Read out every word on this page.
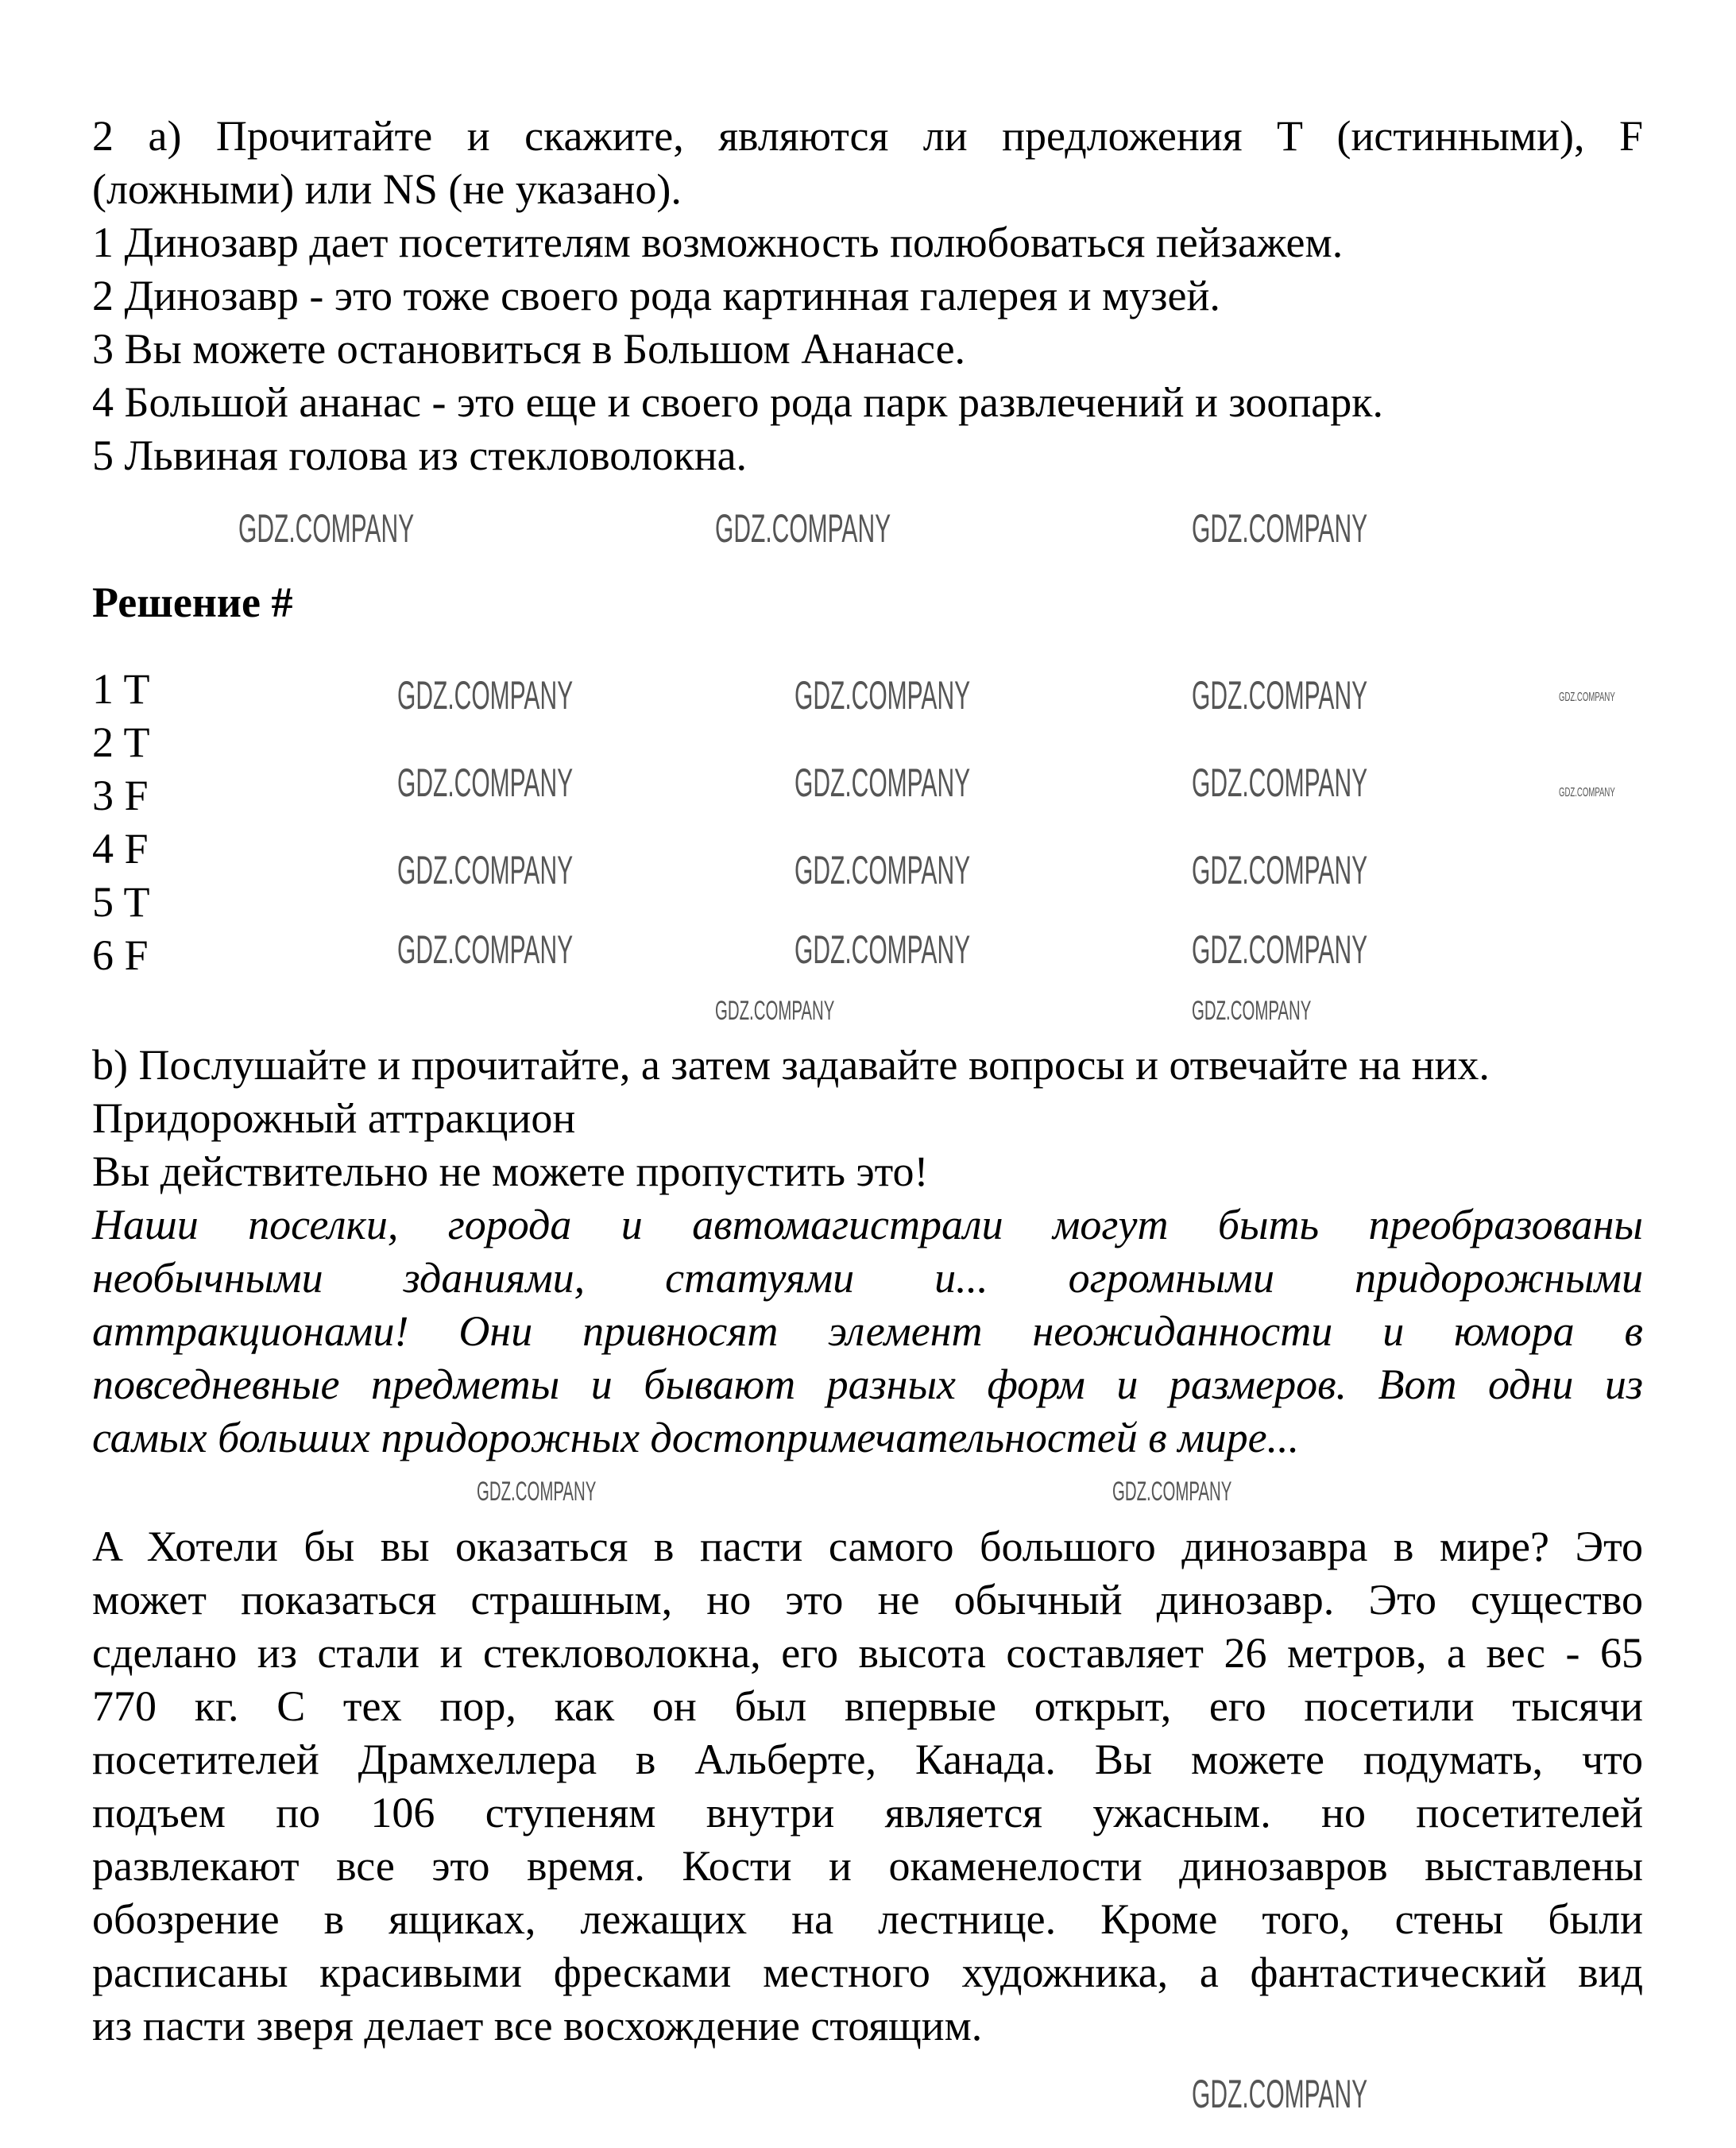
2 a) Прочитайте и скажите, являются ли предложения T (истинными), F
(ложными) или NS (не указано).
1 Динозавр дает посетителям возможность полюбоваться пейзажем.
2 Динозавр - это тоже своего рода картинная галерея и музей.
3 Вы можете остановиться в Большом Ананасе.
4 Большой ананас - это еще и своего рода парк развлечений и зоопарк.
5 Львиная голова из стекловолокна.
Решение #
1 T
2 T
3 F
4 F
5 T
6 F
b) Послушайте и прочитайте, а затем задавайте вопросы и отвечайте на них.
Придорожный аттракцион
Вы действительно не можете пропустить это!
Наши поселки, города и автомагистрали могут быть преобразованы
необычными зданиями, статуями и... огромными придорожными
аттракционами! Они привносят элемент неожиданности и юмора в
повседневные предметы и бывают разных форм и размеров. Вот одни из
самых больших придорожных достопримечательностей в мире...
A Хотели бы вы оказаться в пасти самого большого динозавра в мире? Это
может показаться страшным, но это не обычный динозавр. Это существо
сделано из стали и стекловолокна, его высота составляет 26 метров, а вес - 65
770 кг. С тех пор, как он был впервые открыт, его посетили тысячи
посетителей Драмхеллера в Альберте, Канада. Вы можете подумать, что
подъем по 106 ступеням внутри является ужасным. но посетителей
развлекают все это время. Кости и окаменелости динозавров выставлены
обозрение в ящиках, лежащих на лестнице. Кроме того, стены были
расписаны красивыми фресками местного художника, а фантастический вид
из пасти зверя делает все восхождение стоящим.
GDZ.COMPANY	GDZ.COMPANY	GDZ.COMPANY
GDZ.COMPANY	GDZ.COMPANY	GDZ.COMPANY
GDZ.COMPANY	GDZ.COMPANY	GDZ.COMPANY
GDZ.COMPANY	GDZ.COMPANY	GDZ.COMPANY
GDZ.COMPANY	GDZ.COMPANY	GDZ.COMPANY
GDZ.COMPANY
GDZ.COMPANY
GDZ.COMPANY	GDZ.COMPANY
GDZ.COMPANY	GDZ.COMPANY
GDZ.COMPANY
